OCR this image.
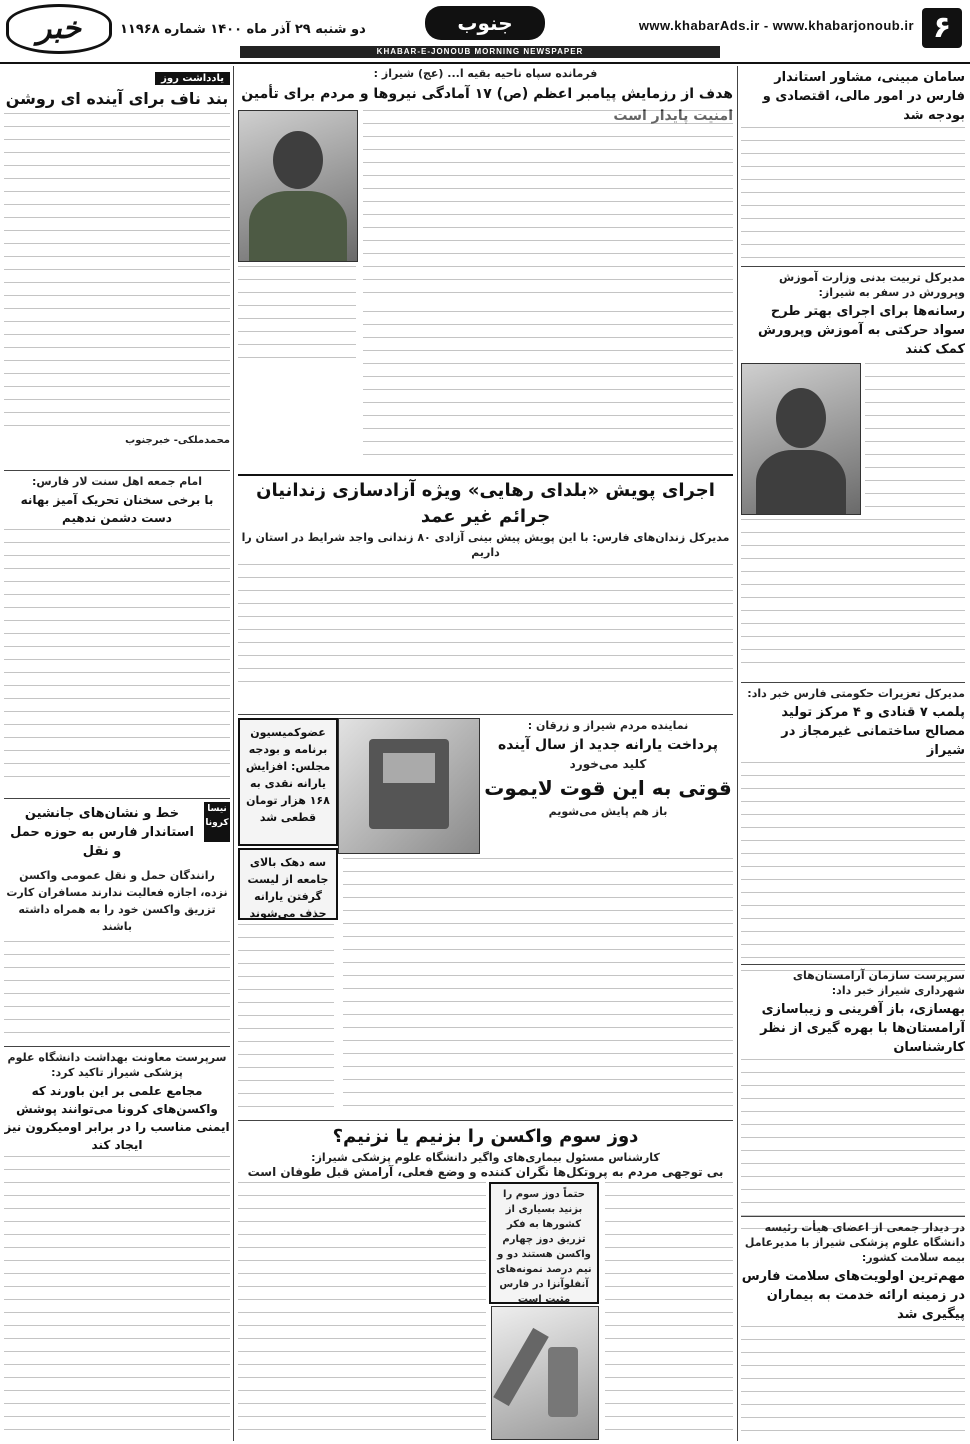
۶
www.khabarAds.ir - www.khabarjonoub.ir
جنوب
دو شنبه ۲۹ آذر ماه ۱۴۰۰ شماره ۱۱۹۶۸
خبر
KHABAR-E-JONOUB MORNING NEWSPAPER
سامان مبینی، مشاور استاندار فارس در امور مالی، اقتصادی و بودجه شد
مدیرکل تربیت بدنی وزارت آموزش وپرورش در سفر به شیراز:
رسانه‌ها برای اجرای بهتر طرح سواد حرکتی به آموزش وپرورش کمک کنند
مدیرکل تعزیرات حکومتی فارس خبر داد:
پلمب ۷ قنادی و ۴ مرکز تولید مصالح ساختمانی غیرمجاز در شیراز
سرپرست سازمان آرامستان‌های شهرداری شیراز خبر داد:
بهسازی، باز آفرینی و زیباسازی آرامستان‌ها با بهره گیری از نظر کارشناسان
در دیدار جمعی از اعضای هیأت رئیسه دانشگاه علوم پزشکی شیراز با مدیرعامل بیمه سلامت کشور:
مهم‌ترین اولویت‌های سلامت فارس در زمینه ارائه خدمت به بیماران پیگیری شد
فرمانده سپاه ناحیه بقیه ا... (عج) شیراز :
هدف از رزمایش پیامبر اعظم (ص) ۱۷ آمادگی نیروها و مردم برای تأمین امنیت پایدار است
اجرای پویش «بلدای رهایی» ویژه آزادسازی زندانیان جرائم غیر عمد
مدیرکل زندان‌های فارس: با این پویش پیش بینی آزادی ۸۰ زندانی واجد شرایط در استان را داریم
نماینده مردم شیراز و زرقان :
پرداخت یارانه جدید از سال آینده
کلید می‌خورد
قوتی به این قوت لایموت
باز هم پایش می‌شویم
عضوکمیسیون برنامه و بودجه مجلس: افزایش یارانه نقدی به ۱۶۸ هزار تومان قطعی شد
سه دهک بالای جامعه از لیست گرفتن یارانه حذف می‌شوند
دوز سوم واکسن را بزنیم یا نزنیم؟
کارشناس مسئول بیماری‌های واگیر دانشگاه علوم پزشکی شیراز:
بی توجهی مردم به پروتکل‌ها نگران کننده و وضع فعلی، آرامش قبل طوفان است
حتماً دوز سوم را بزنید بسیاری از کشورها به فکر تزریق دوز چهارم واکسن هستند دو و نیم درصد نمونه‌های آنفلوآنزا در فارس مثبت است
یادداشت روز
بند ناف برای آینده ای روشن
محمدملکی- خبرجنوب
امام جمعه اهل سنت لار فارس:
با برخی سخنان تحریک آمیز بهانه دست دشمن ندهیم
نیسا
کرونا
خط و نشان‌های جانشین استاندار فارس به حوزه حمل و نقل
رانندگان حمل و نقل عمومی واکسن نزده، اجازه فعالیت ندارند مسافران کارت تزریق واکسن خود را به همراه داشته باشند
سرپرست معاونت بهداشت دانشگاه علوم پزشکی شیراز تاکید کرد:
مجامع علمی بر این باورند که واکسن‌های کرونا می‌توانند پوشش ایمنی مناسب را در برابر اومیکرون نیز ایجاد کند
